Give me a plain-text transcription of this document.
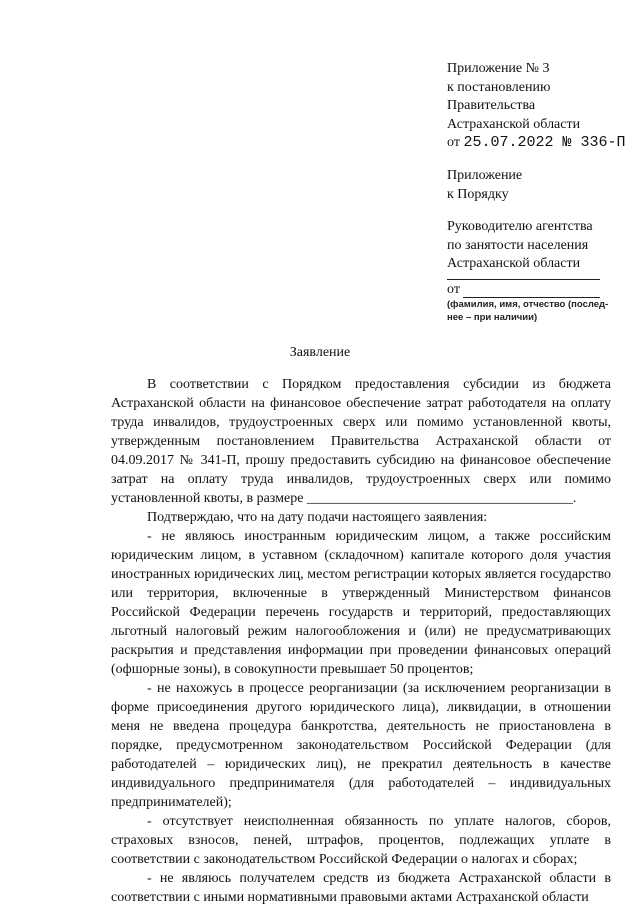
Приложение № 3
к постановлению
Правительства
Астраханской области
от 25.07.2022 № 336-П
Приложение
к Порядку
Руководителю агентства
по занятости населения
Астраханской области
от
(фамилия, имя, отчество (послед-
нее – при наличии)
Заявление

В соответствии с Порядком предоставления субсидии из бюджета Астраханской области на финансовое обеспечение затрат работодателя на оплату труда инвалидов, трудоустроенных сверх или помимо установленной квоты, утвержденным постановлением Правительства Астраханской области от 04.09.2017 № 341-П, прошу предоставить субсидию на финансовое обеспечение затрат на оплату труда инвалидов, трудоустроенных сверх или помимо установленной квоты, в размере ______________________________________.

Подтверждаю, что на дату подачи настоящего заявления:

- не являюсь иностранным юридическим лицом, а также российским юридическим лицом, в уставном (складочном) капитале которого доля участия иностранных юридических лиц, местом регистрации которых является государство или территория, включенные в утвержденный Министерством финансов Российской Федерации перечень государств и территорий, предоставляющих льготный налоговый режим налогообложения и (или) не предусматривающих раскрытия и представления информации при проведении финансовых операций (офшорные зоны), в совокупности превышает 50 процентов;

- не нахожусь в процессе реорганизации (за исключением реорганизации в форме присоединения другого юридического лица), ликвидации, в отношении меня не введена процедура банкротства, деятельность не приостановлена в порядке, предусмотренном законодательством Российской Федерации (для работодателей – юридических лиц), не прекратил деятельность в качестве индивидуального предпринимателя (для работодателей – индивидуальных предпринимателей);

- отсутствует неисполненная обязанность по уплате налогов, сборов, страховых взносов, пеней, штрафов, процентов, подлежащих уплате в соответствии с законодательством Российской Федерации о налогах и сборах;

- не являюсь получателем средств из бюджета Астраханской области в соответствии с иными нормативными правовыми актами Астраханской области
